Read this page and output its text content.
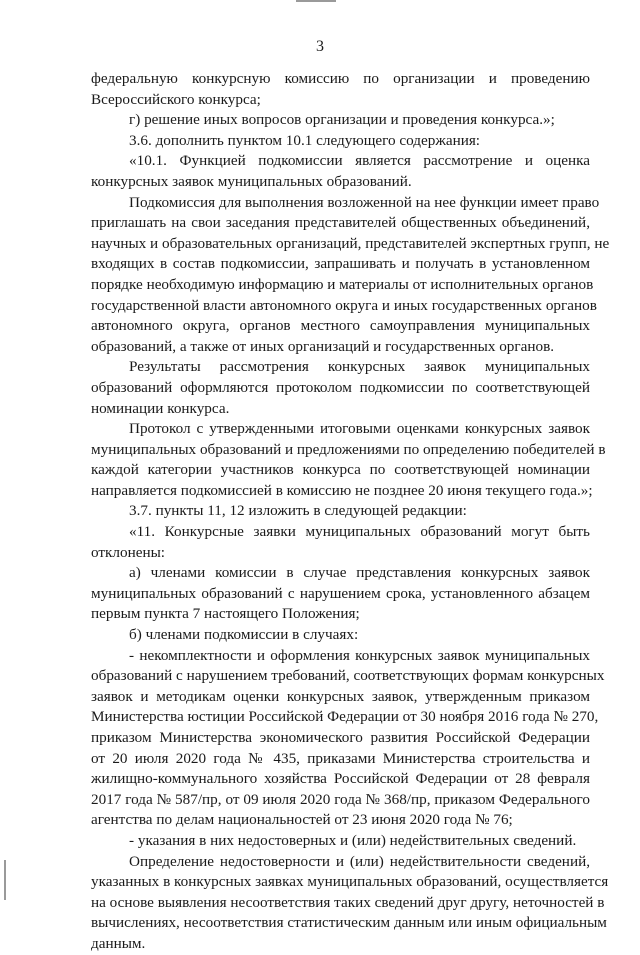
3
федеральную конкурсную комиссию по организации и проведению
Всероссийского конкурса;
г) решение иных вопросов организации и проведения конкурса.»;
3.6. дополнить пунктом 10.1 следующего содержания:
«10.1. Функцией подкомиссии является рассмотрение и оценка
конкурсных заявок муниципальных образований.
Подкомиссия для выполнения возложенной на нее функции имеет право
приглашать на свои заседания представителей общественных объединений,
научных и образовательных организаций, представителей экспертных групп, не
входящих в состав подкомиссии, запрашивать и получать в установленном
порядке необходимую информацию и материалы от исполнительных органов
государственной власти автономного округа и иных государственных органов
автономного округа, органов местного самоуправления муниципальных
образований, а также от иных организаций и государственных органов.
Результаты рассмотрения конкурсных заявок муниципальных
образований оформляются протоколом подкомиссии по соответствующей
номинации конкурса.
Протокол с утвержденными итоговыми оценками конкурсных заявок
муниципальных образований и предложениями по определению победителей в
каждой категории участников конкурса по соответствующей номинации
направляется подкомиссией в комиссию не позднее 20 июня текущего года.»;
3.7. пункты 11, 12 изложить в следующей редакции:
«11. Конкурсные заявки муниципальных образований могут быть
отклонены:
а) членами комиссии в случае представления конкурсных заявок
муниципальных образований с нарушением срока, установленного абзацем
первым пункта 7 настоящего Положения;
б) членами подкомиссии в случаях:
- некомплектности и оформления конкурсных заявок муниципальных
образований с нарушением требований, соответствующих формам конкурсных
заявок и методикам оценки конкурсных заявок, утвержденным приказом
Министерства юстиции Российской Федерации от 30 ноября 2016 года № 270,
приказом Министерства экономического развития Российской Федерации
от 20 июля 2020 года № 435, приказами Министерства строительства и
жилищно-коммунального хозяйства Российской Федерации от 28 февраля
2017 года № 587/пр, от 09 июля 2020 года № 368/пр, приказом Федерального
агентства по делам национальностей от 23 июня 2020 года № 76;
- указания в них недостоверных и (или) недействительных сведений.
Определение недостоверности и (или) недействительности сведений,
указанных в конкурсных заявках муниципальных образований, осуществляется
на основе выявления несоответствия таких сведений друг другу, неточностей в
вычислениях, несоответствия статистическим данным или иным официальным
данным.
